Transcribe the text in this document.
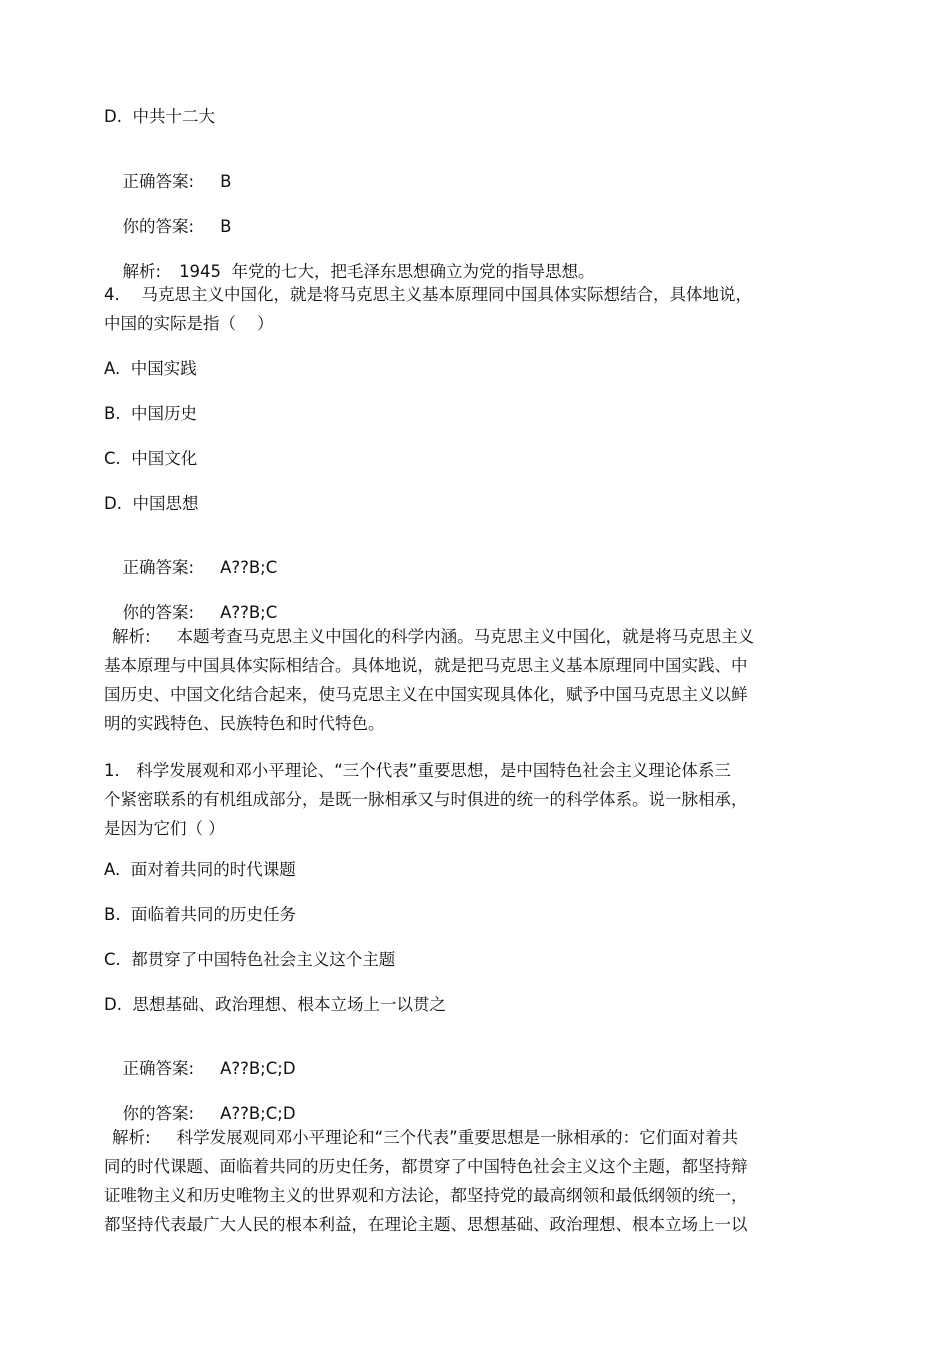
D.  中共十二大

正确答案: B

你的答案: B

解析: 1945  年党的七大，把毛泽东思想确立为党的指导思想。

4．  马克思主义中国化，就是将马克思主义基本原理同中国具体实际想结合，具体地说，
中国的实际是指（    ）
A.  中国实践
B.  中国历史
C.  中国文化
D.  中国思想

正确答案: A??B;C

你的答案: A??B;C

解析: 本题考查马克思主义中国化的科学内涵。马克思主义中国化，就是将马克思主义
基本原理与中国具体实际相结合。具体地说，就是把马克思主义基本原理同中国实践、中
国历史、中国文化结合起来，使马克思主义在中国实现具体化，赋予中国马克思主义以鲜
明的实践特色、民族特色和时代特色。
1． 科学发展观和邓小平理论、“三个代表”重要思想，是中国特色社会主义理论体系三
个紧密联系的有机组成部分，是既一脉相承又与时俱进的统一的科学体系。说一脉相承，
是因为它们（ ）
A.  面对着共同的时代课题
B.  面临着共同的历史任务
C.  都贯穿了中国特色社会主义这个主题
D.  思想基础、政治理想、根本立场上一以贯之

正确答案: A??B;C;D

你的答案: A??B;C;D

解析: 科学发展观同邓小平理论和“三个代表”重要思想是一脉相承的：它们面对着共
同的时代课题、面临着共同的历史任务，都贯穿了中国特色社会主义这个主题，都坚持辩
证唯物主义和历史唯物主义的世界观和方法论，都坚持党的最高纲领和最低纲领的统一，
都坚持代表最广大人民的根本利益，在理论主题、思想基础、政治理想、根本立场上一以
